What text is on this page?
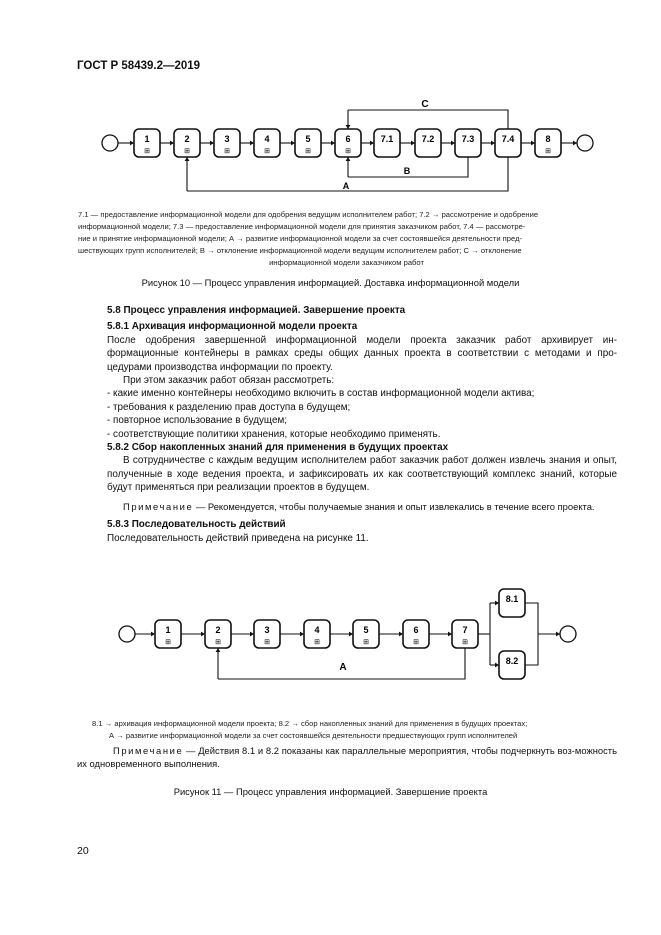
ГОСТ Р 58439.2—2019
1
⊞
2
⊞
3
⊞
4
⊞
5
⊞
6
⊞
7.1	7.2	7.3	7.4	8
⊞
C
B
A
7.1 — предоставление информационной модели для одобрения ведущим исполнителем работ; 7.2 → рассмотрение и одобрение
информационной модели; 7.3 — предоставление информационной модели для принятия заказчиком работ, 7.4 — рассмотре-
ние и принятие информационной модели; А → развитие информационной модели за счет состоявшейся деятельности пред-
шествующих групп исполнителей; В → отклонение информационной модели ведущим исполнителем работ; С → отклонение
информационной модели заказчиком работ
Рисунок 10 — Процесс управления информацией. Доставка информационной модели

5.8 Процесс управления информацией. Завершение проекта

5.8.1 Архивация информационной модели проекта

После одобрения завершенной информационной модели проекта заказчик работ архивирует ин-формационные контейнеры в рамках среды общих данных проекта в соответствии с методами и про-цедурами производства информации по проекту.

При этом заказчик работ обязан рассмотреть:

- какие именно контейнеры необходимо включить в состав информационной модели актива;

- требования к разделению прав доступа в будущем;

- повторное использование в будущем;

- соответствующие политики хранения, которые необходимо применять.

5.8.2 Сбор накопленных знаний для применения в будущих проектах

В сотрудничестве с каждым ведущим исполнителем работ заказчик работ должен извлечь знания и опыт, полученные в ходе ведения проекта, и зафиксировать их как соответствующий комплекс знаний, которые будут применяться при реализации проектов в будущем.

Примечание — Рекомендуется, чтобы получаемые знания и опыт извлекались в течение всего проекта.

5.8.3 Последовательность действий

Последовательность действий приведена на рисунке 11.

1
⊞
2
⊞
3
⊞
4
⊞
5
⊞
6
⊞
7
⊞
8.1
8.2
A
8.1 → архивация информационной модели проекта; 8.2 → сбор накопленных знаний для применения в будущих проектах;
А → развитие информационной модели за счет состоявшейся деятельности предшествующих групп исполнителей

Примечание — Действия 8.1 и 8.2 показаны как параллельные мероприятия, чтобы подчеркнуть воз-можность их одновременного выполнения.

Рисунок 11 — Процесс управления информацией. Завершение проекта
20
